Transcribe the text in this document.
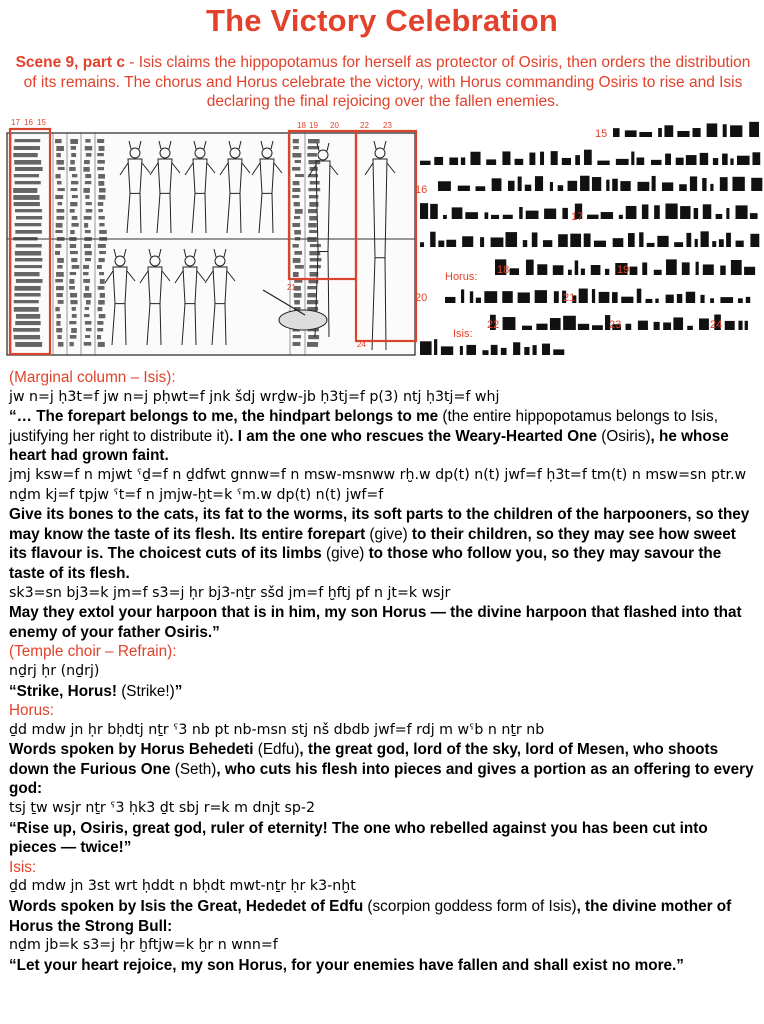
The Victory Celebration
Scene 9, part c - Isis claims the hippopotamus for herself as protector of Osiris, then orders the distribution of its remains. The chorus and Horus celebrate the victory, with Horus commanding Osiris to rise and Isis declaring the final rejoicing over the fallen enemies.
17 16 15	18 19 20	22 23
21
24
15
16
17
18	19
20	21
22	23	24
Horus:
Isis:

(Marginal column – Isis):

jw n=j ḥ3t=f jw n=j pḥwt=f jnk šdj wrḏw-jb ḥ3tj=f p(3) ntj ḥ3tj=f whj

“… The forepart belongs to me, the hindpart belongs to me (the entire hippopotamus belongs to Isis, justifying her right to distribute it). I am the one who rescues the Weary-Hearted One (Osiris), he whose heart had grown faint.

jmj ksw=f n mjwt ˁḏ=f n ḏdfwt gnnw=f n msw-msnww rḫ.w dp(t) n(t) jwf=f ḥ3t=f tm(t) n msw=sn ptr.w nḏm kj=f tpjw ˁt=f n jmjw-ḫt=k ˁm.w dp(t) n(t) jwf=f

Give its bones to the cats, its fat to the worms, its soft parts to the children of the harpooners, so they may know the taste of its flesh. Its entire forepart (give) to their children, so they may see how sweet its flavour is. The choicest cuts of its limbs (give) to those who follow you, so they may savour the taste of its flesh.

sk3=sn bj3=k jm=f s3=j ḥr bj3-nṯr sšd jm=f ḫftj pf n jt=k wsjr

May they extol your harpoon that is in him, my son Horus — the divine harpoon that flashed into that enemy of your father Osiris.”

(Temple choir – Refrain):

nḏrj ḥr (nḏrj)

“Strike, Horus! (Strike!)”

Horus:

ḏd mdw jn ḥr bḥdtj nṯr ˁ3 nb pt nb-msn stj nš dbdb jwf=f rdj m wˁb n nṯr nb

Words spoken by Horus Behedeti (Edfu), the great god, lord of the sky, lord of Mesen, who shoots down the Furious One (Seth), who cuts his flesh into pieces and gives a portion as an offering to every god:

tsj ṯw wsjr nṯr ˁ3 ḥk3 ḏt sbj r=k m dnjt sp-2

“Rise up, Osiris, great god, ruler of eternity! The one who rebelled against you has been cut into pieces — twice!”

Isis:

ḏd mdw jn 3st wrt ḥddt n bḥdt mwt-nṯr ḥr k3-nḫt

Words spoken by Isis the Great, Hededet of Edfu (scorpion goddess form of Isis), the divine mother of Horus the Strong Bull:

nḏm jb=k s3=j ḥr ḫftjw=k ḫr n wnn=f

“Let your heart rejoice, my son Horus, for your enemies have fallen and shall exist no more.”
